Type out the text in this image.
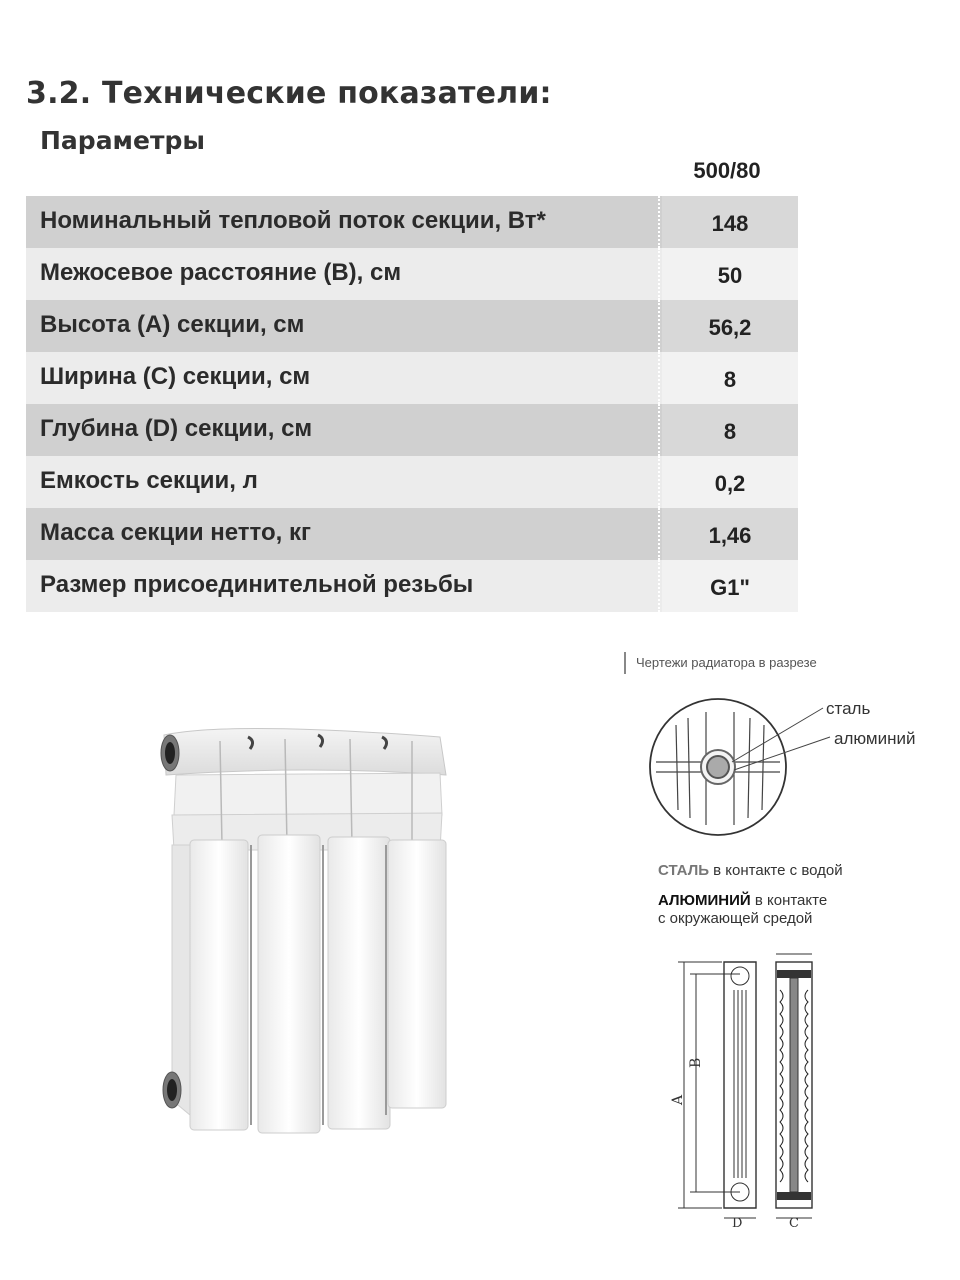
3.2. Технические показатели:
Параметры
500/80
Номинальный тепловой поток секции, Вт*	148
Межосевое расстояние (B), см	50
Высота (А) секции, см	56,2
Ширина (С) секции, см	8
Глубина (D) секции, см	8
Емкость секции, л	0,2
Масса секции нетто, кг	1,46
Размер присоединительной резьбы	G1"
Чертежи радиатора в разрезе
сталь
алюминий
СТАЛЬ в контакте с водой
АЛЮМИНИЙ в контакте
с окружающей средой
A
B
D	C
